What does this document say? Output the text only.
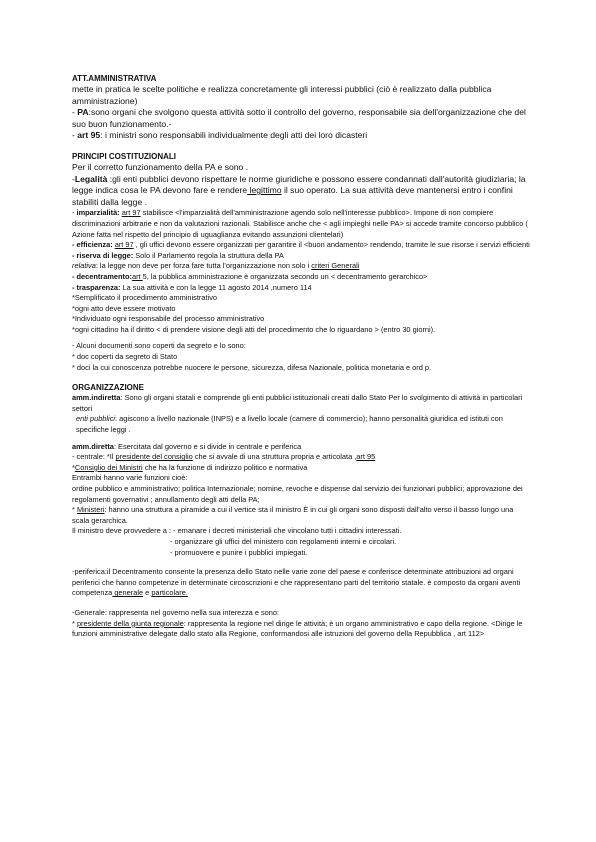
ATT.AMMINISTRATIVA
mette in pratica le scelte politiche e realizza concretamente gli interessi pubblici (ciò è realizzato dalla pubblica amministrazione)
- PA:sono organi che svolgono questa attività sotto il controllo del governo, responsabile sia dell'organizzazione che del suo buon funzionamento.-
- art 95: i ministri sono responsabili individualmente degli atti dei loro dicasteri
PRINCIPI COSTITUZIONALI
Per il corretto funzionamento della PA e sono .
-Legalità :gli enti pubblici devono rispettare le norme giuridiche e possono essere condannati dall'autorità giudiziaria; la legge indica cosa le PA devono fare e rendere legittimo il suo operato. La sua attività deve mantenersi entro i confini stabiliti dalla legge .
- imparzialità: art 97 stabilisce <l'imparzialità dell'amministrazione agendo solo nell'interesse pubblico>. Impone di non compiere discriminazioni arbitrarie e non da valutazioni razionali. Stabilisce anche che < agli impieghi nelle PA> si accede tramite concorso pubblico ( Azione fatta nel rispetto del principio di uguaglianza evitando assunzioni clientelari)
- efficienza: art 97 , gli uffici devono essere organizzati per garantire il <buon andamento> rendendo, tramite le sue risorse i servizi efficienti
- riserva di legge: Solo il Parlamento regola la struttura della PA
relativa: la legge non deve per forza fare tutta l'organizzazione non solo i criteri Generali
- decentramento:art 5, la pubblica amministrazione è organizzata secondo un < decentramento gerarchico>
- trasparenza: La sua attività e con la legge 11 agosto 2014 ,numero 114
*Semplificato il procedimento amministrativo
*ogni atto deve essere motivato
*Individuato ogni responsabile del processo amministrativo
*ogni cittadino ha il diritto < di prendere visione degli atti del procedimento che lo riguardano > (entro 30 giorni).
- Alcuni documenti sono coperti da segreto e lo sono:
* doc coperti da segreto di Stato
* doci la cui conoscenza potrebbe nuocere le persone, sicurezza, difesa Nazionale, politica monetaria e ord p.
ORGANIZZAZIONE
amm.indiretta: Sono gli organi statali e comprende gli enti pubblici istituzionali creati dallo Stato Per lo svolgimento di attività in particolari settori
enti pubblici: agiscono a livello nazionale (INPS) e a livello locale (camere di commercio); hanno personalità giuridica ed istituti con specifiche leggi .
amm.diretta: Esercitata dal governo e si divide in centrale e periferica
- centrale: *Il presidente del consiglio che si avvale di una struttura propria e articolata ,art 95
*Consiglio dei Ministri che ha la funzione di indirizzo politico e normativa
Entrambi hanno varie funzioni cioè:
ordine pubblico e amministrativo; politica Internazionale; nomine, revoche e dispense dal servizio dei funzionari pubblici; approvazione dei regolamenti governativi ; annullamento degli atti della PA;
* Ministeri: hanno una struttura a piramide a cui il vertice sta il ministro È in cui gli organi sono disposti dall'alto verso il basso lungo una scala gerarchica.
Il ministro deve provvedere a : - emanare i decreti ministeriali che vincolano tutti i cittadini interessati.
- organizzare gli uffici del ministero con regolamenti interni e circolari.
- promuovere e punire i pubblici impiegati.
-periferica:il Decentramento consente la presenza dello Stato nelle varie zone del paese e conferisce determinate attribuzioni ad organi periferici che hanno competenze in determinate circoscrizioni e che rappresentano parti del territorio statale. è composto da organi aventi competenza generale e particolare.
-Generale: rappresenta nel governo nella sua interezza e sono:
* presidente della giunta regionale: rappresenta la regione nel dirige le attività; è un organo amministrativo e capo della regione. <Dirige le funzioni amministrative delegate dallo stato alla Regione, conformandosi alle istruzioni del governo della Repubblica , art 112>
